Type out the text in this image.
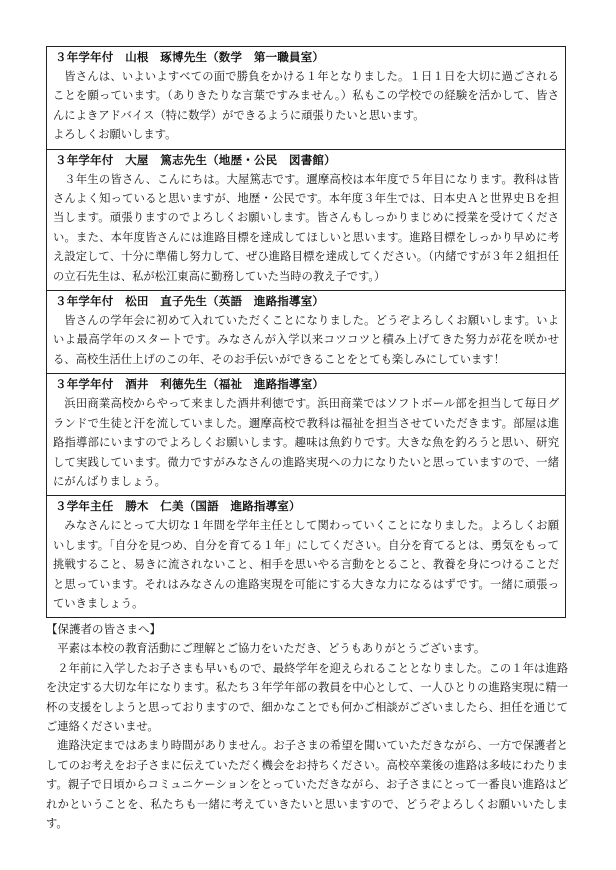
３年学年付　山根　琢博先生（数学　第一職員室）

皆さんは、いよいよすべての面で勝負をかける１年となりました。１日１日を大切に過ごされることを願っています。（ありきたりな言葉ですみません。）私もこの学校での経験を活かして、皆さんによきアドバイス（特に数学）ができるように頑張りたいと思います。

よろしくお願いします。

３年学年付　大屋　篤志先生（地歴・公民　図書館）

３年生の皆さん、こんにちは。大屋篤志です。邇摩高校は本年度で５年目になります。教科は皆さんよく知っていると思いますが、地歴・公民です。本年度３年生では、日本史Ａと世界史Ｂを担当します。頑張りますのでよろしくお願いします。皆さんもしっかりまじめに授業を受けてください。また、本年度皆さんには進路目標を達成してほしいと思います。進路目標をしっかり早めに考え設定して、十分に準備し努力して、ぜひ進路目標を達成してください。（内緒ですが３年２組担任の立石先生は、私が松江東高に勤務していた当時の教え子です。）

３年学年付　松田　直子先生（英語　進路指導室）

皆さんの学年会に初めて入れていただくことになりました。どうぞよろしくお願いします。いよいよ最高学年のスタートです。みなさんが入学以来コツコツと積み上げてきた努力が花を咲かせる、高校生活仕上げのこの年、そのお手伝いができることをとても楽しみにしています！

３年学年付　酒井　利德先生（福祉　進路指導室）

浜田商業高校からやって来ました酒井利徳です。浜田商業ではソフトボール部を担当して毎日グランドで生徒と汗を流していました。邇摩高校で教科は福祉を担当させていただきます。部屋は進路指導部にいますのでよろしくお願いします。趣味は魚釣りです。大きな魚を釣ろうと思い、研究して実践しています。微力ですがみなさんの進路実現への力になりたいと思っていますので、一緒にがんばりましょう。

３学年主任　勝木　仁美（国語　進路指導室）

みなさんにとって大切な１年間を学年主任として関わっていくことになりました。よろしくお願いします。「自分を見つめ、自分を育てる１年」にしてください。自分を育てるとは、勇気をもって挑戦すること、易きに流されないこと、相手を思いやる言動をとること、教養を身につけることだと思っています。それはみなさんの進路実現を可能にする大きな力になるはずです。一緒に頑張っていきましょう。

【保護者の皆さまへ】

平素は本校の教育活動にご理解とご協力をいただき、どうもありがとうございます。

２年前に入学したお子さまも早いもので、最終学年を迎えられることとなりました。この１年は進路を決定する大切な年になります。私たち３年学年部の教員を中心として、一人ひとりの進路実現に精一杯の支援をしようと思っておりますので、細かなことでも何かご相談がございましたら、担任を通じてご連絡くださいませ。

進路決定まではあまり時間がありません。お子さまの希望を聞いていただきながら、一方で保護者としてのお考えをお子さまに伝えていただく機会をお持ちください。高校卒業後の進路は多岐にわたります。親子で日頃からコミュニケーションをとっていただきながら、お子さまにとって一番良い進路はどれかということを、私たちも一緒に考えていきたいと思いますので、どうぞよろしくお願いいたします。
